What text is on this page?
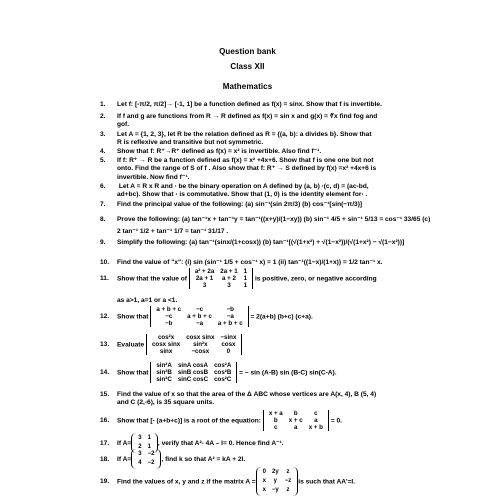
Question bank
Class XII
Mathematics
1. Let f: [-π/2, π/2]→ [-1, 1] be a function defined as f(x) = sinx. Show that f is invertible.
2. If f and g are functions from R → R defined as f(x) = sin x and g(x) = ∛x find fog and
gof.
3. Let A = {1, 2, 3}, let R be the relation defined as R = {(a, b): a divides b}. Show that
R is reflexive and transitive but not symmetric.
4. Show that f: R⁺→R⁺ defined as f(x) = x² is invertible. Also find f⁻¹.
5. If f: R⁺ → R be a function defined as f(x) = x² +4x+6. Show that f is one one but not
onto. Find the range of S of f . Also show that f: R⁺ → S defined by f(x) =x² +4x+6 is
invertible. Now find f⁻¹.
6. Let A = R x R and ⋅ be the binary operation on A defined by (a, b) ⋅(c, d) = (ac-bd,
ad+bc). Show that ⋅ is commutative. Show that (1, 0) is the identity element for⋅ .
7. Find the principal value of the following: (a) sin⁻¹(sin 2π/3) (b) cos⁻¹[sin(−π/3)]
8. Prove the following: (a) tan⁻¹x + tan⁻¹y = tan⁻¹((x+y)/(1−xy)) (b) sin⁻¹ 4/5 + sin⁻¹ 5/13 = cos⁻¹ 33/65 (c)
2 tan⁻¹ 1/2 + tan⁻¹ 1/7 = tan⁻¹ 31/17 .
9. Simplify the following: (a) tan⁻¹(sinx/(1+cosx)) (b) tan⁻¹[(√(1+x²) + √(1−x²))/(√(1+x²) − √(1−x²))]
10. Find the value of "x": (i) sin (sin⁻¹ 1/5 + cos⁻¹ x) = 1 (ii) tan⁻¹((1−x)/(1+x)) = 1/2 tan⁻¹ x.
11. Show that the value of a² + 2a	2a + 1	1
2a + 1	a + 2	1
3	3	1 is positive, zero, or negative according
as a>1, a=1 or a <1.
12. Show that a + b + c	−c	−b
−c	a + b + c	−a
−b	−a	a + b + c = 2(a+b) (b+c) (c+a).
13. Evaluate cos²x	cosx sinx	−sinx
cosx sinx	sin²x	cosx
sinx	−cosx	0
14. Show that sin²A	sinA cosA	cos²A
sin²B	sinB cosB	cos²B
sin²C	sinC cosC	cos²C = − sin (A-B) sin (B-C) sin(C-A).
15. Find the value of x so that the area of the Δ ABC whose vertices are A(x, 4), B (5, 4)
and C (2,-6), is 35 square units.
16. Show that [- (a+b+c)] is a root of the equation: x + a	b	c
b	x + c	a
c	a	x + b = 0.
17. If A=3	1
2	1, verify that A²- 4A – I= 0. Hence find A⁻¹.
18. If A=3	−2
4	−2, find k so that A² = kA + 2I.
19. Find the values of x, y and z if the matrix A =0	2y	z
x	y	−z
x	−y	zis such that AA'=I.
